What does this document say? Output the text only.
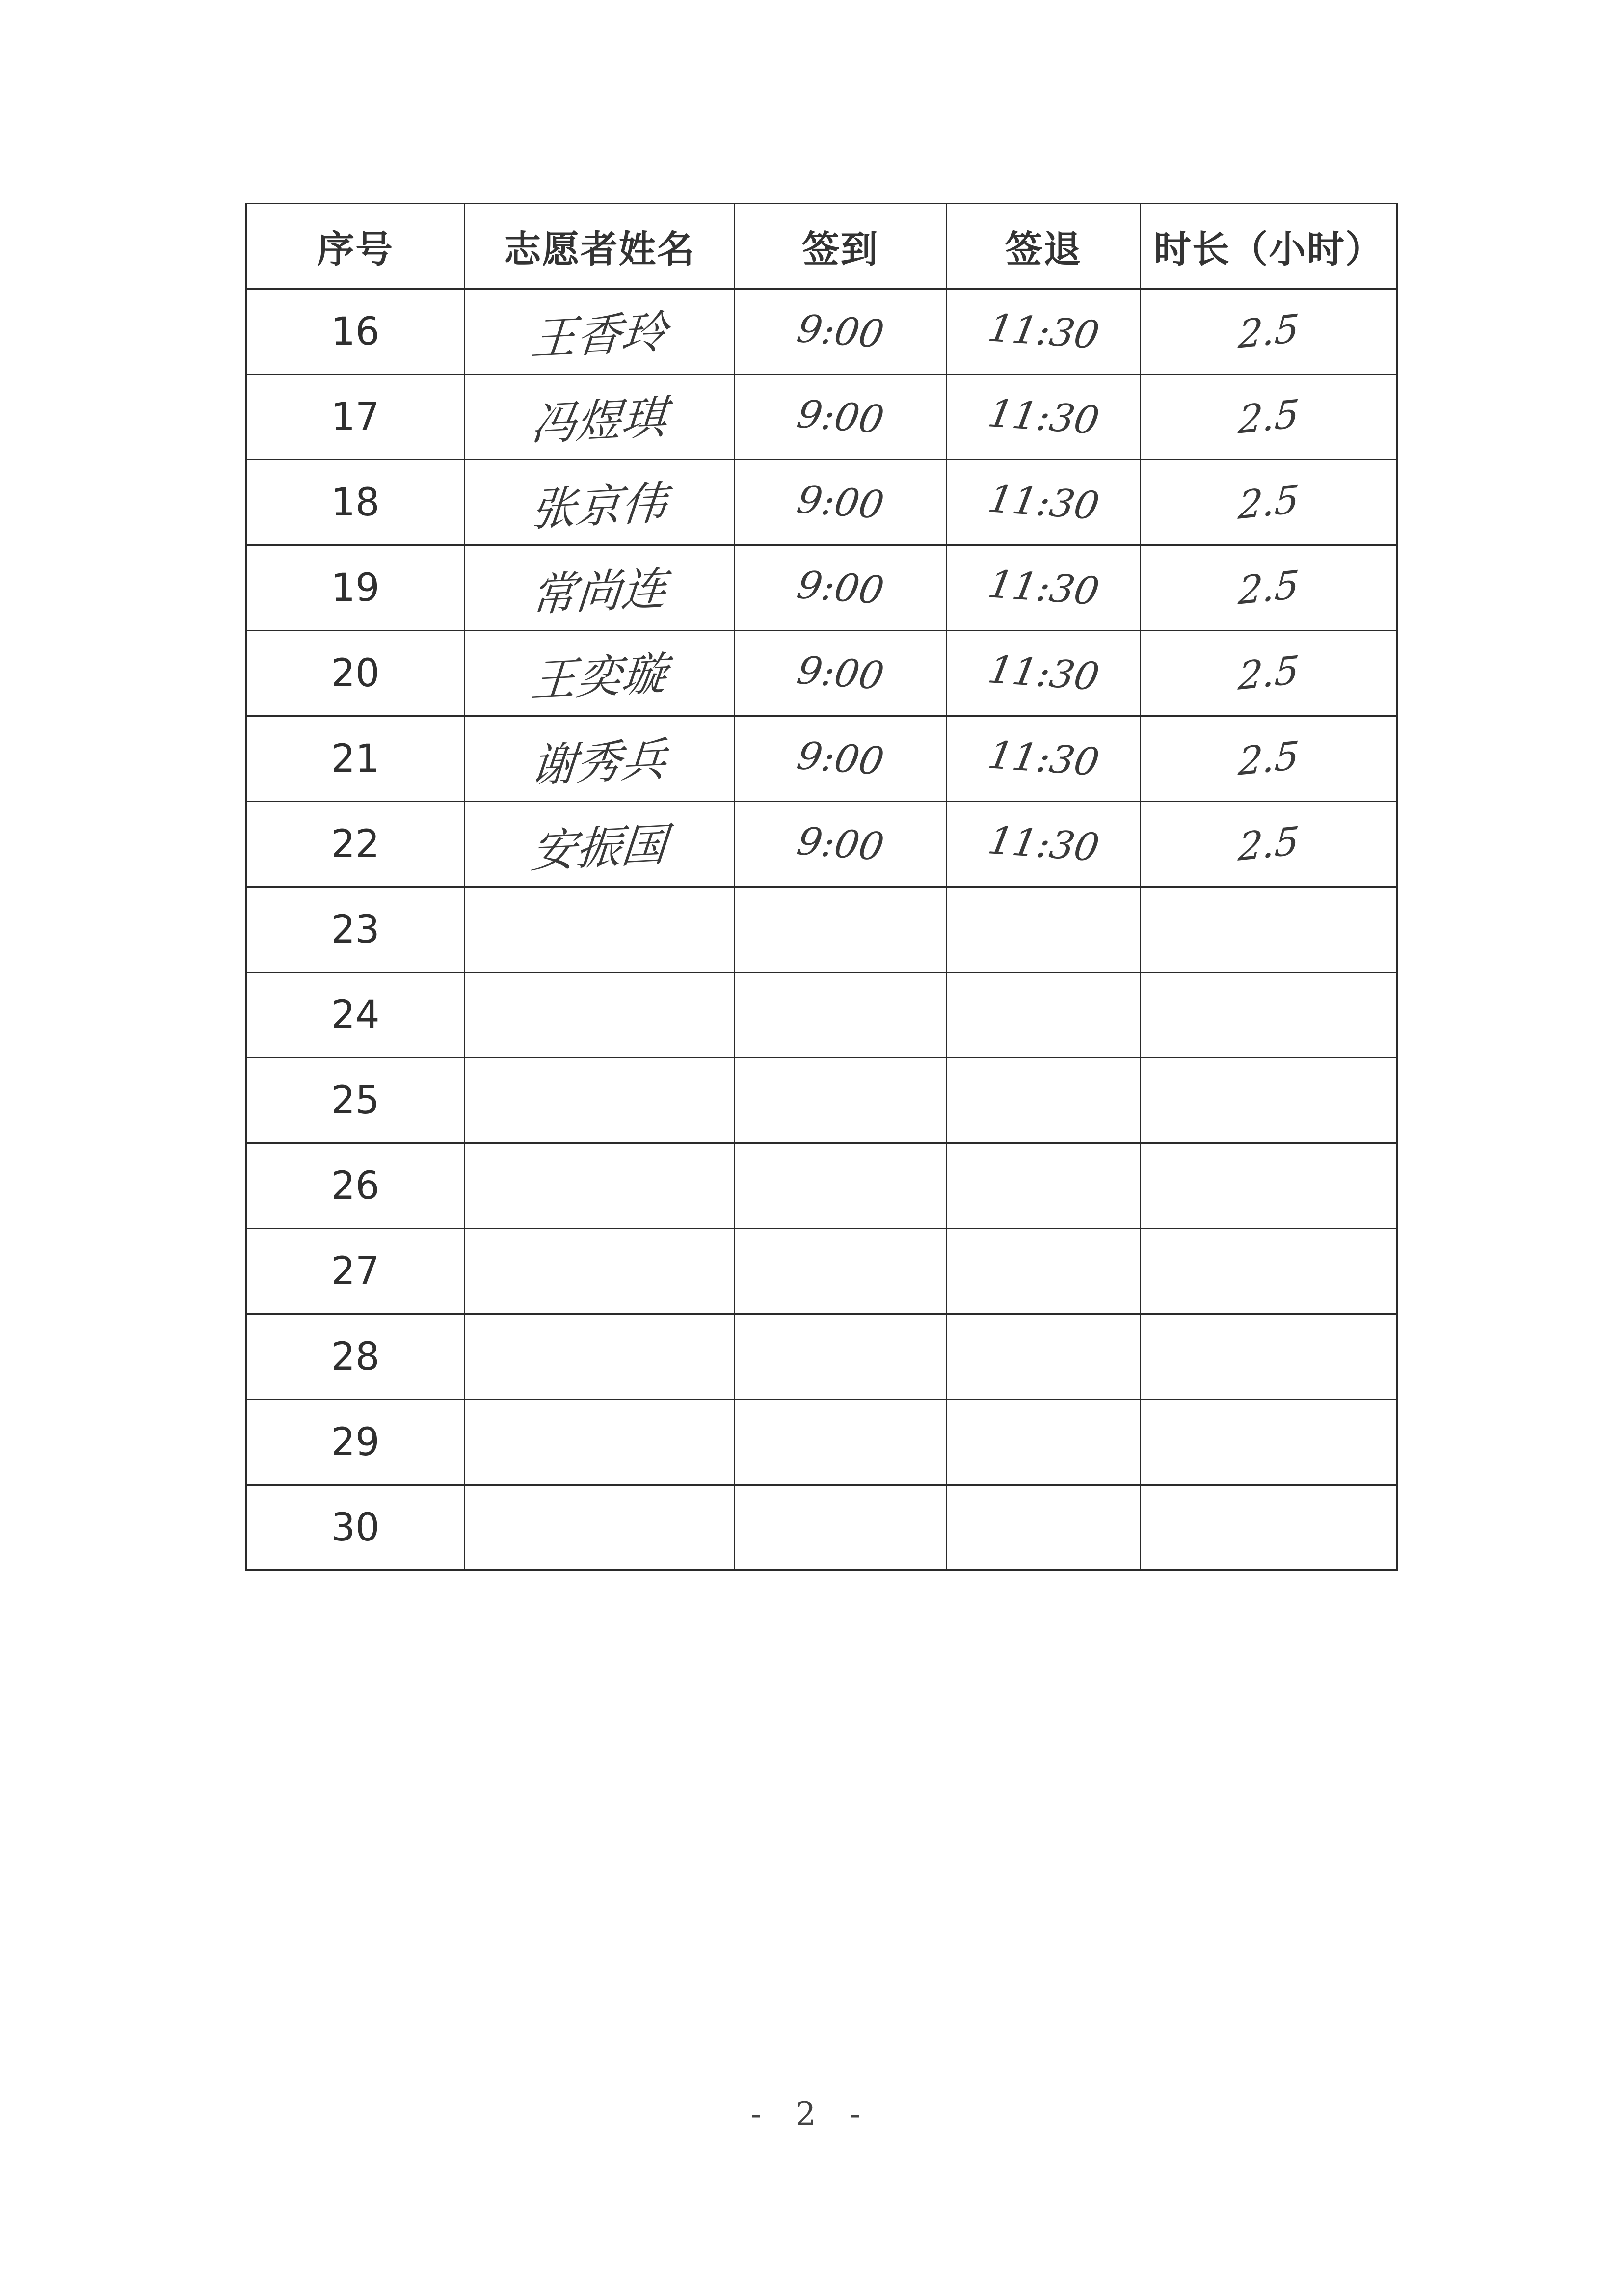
序号	志愿者姓名	签到	签退	时长（小时）
16	王香玲	9:00	11:30	2.5
17	冯煜琪	9:00	11:30	2.5
18	张京伟	9:00	11:30	2.5
19	常尚连	9:00	11:30	2.5
20	王奕璇	9:00	11:30	2.5
21	谢秀兵	9:00	11:30	2.5
22	安振国	9:00	11:30	2.5
23				
24				
25				
26				
27				
28				
29				
30				
- 2 -
